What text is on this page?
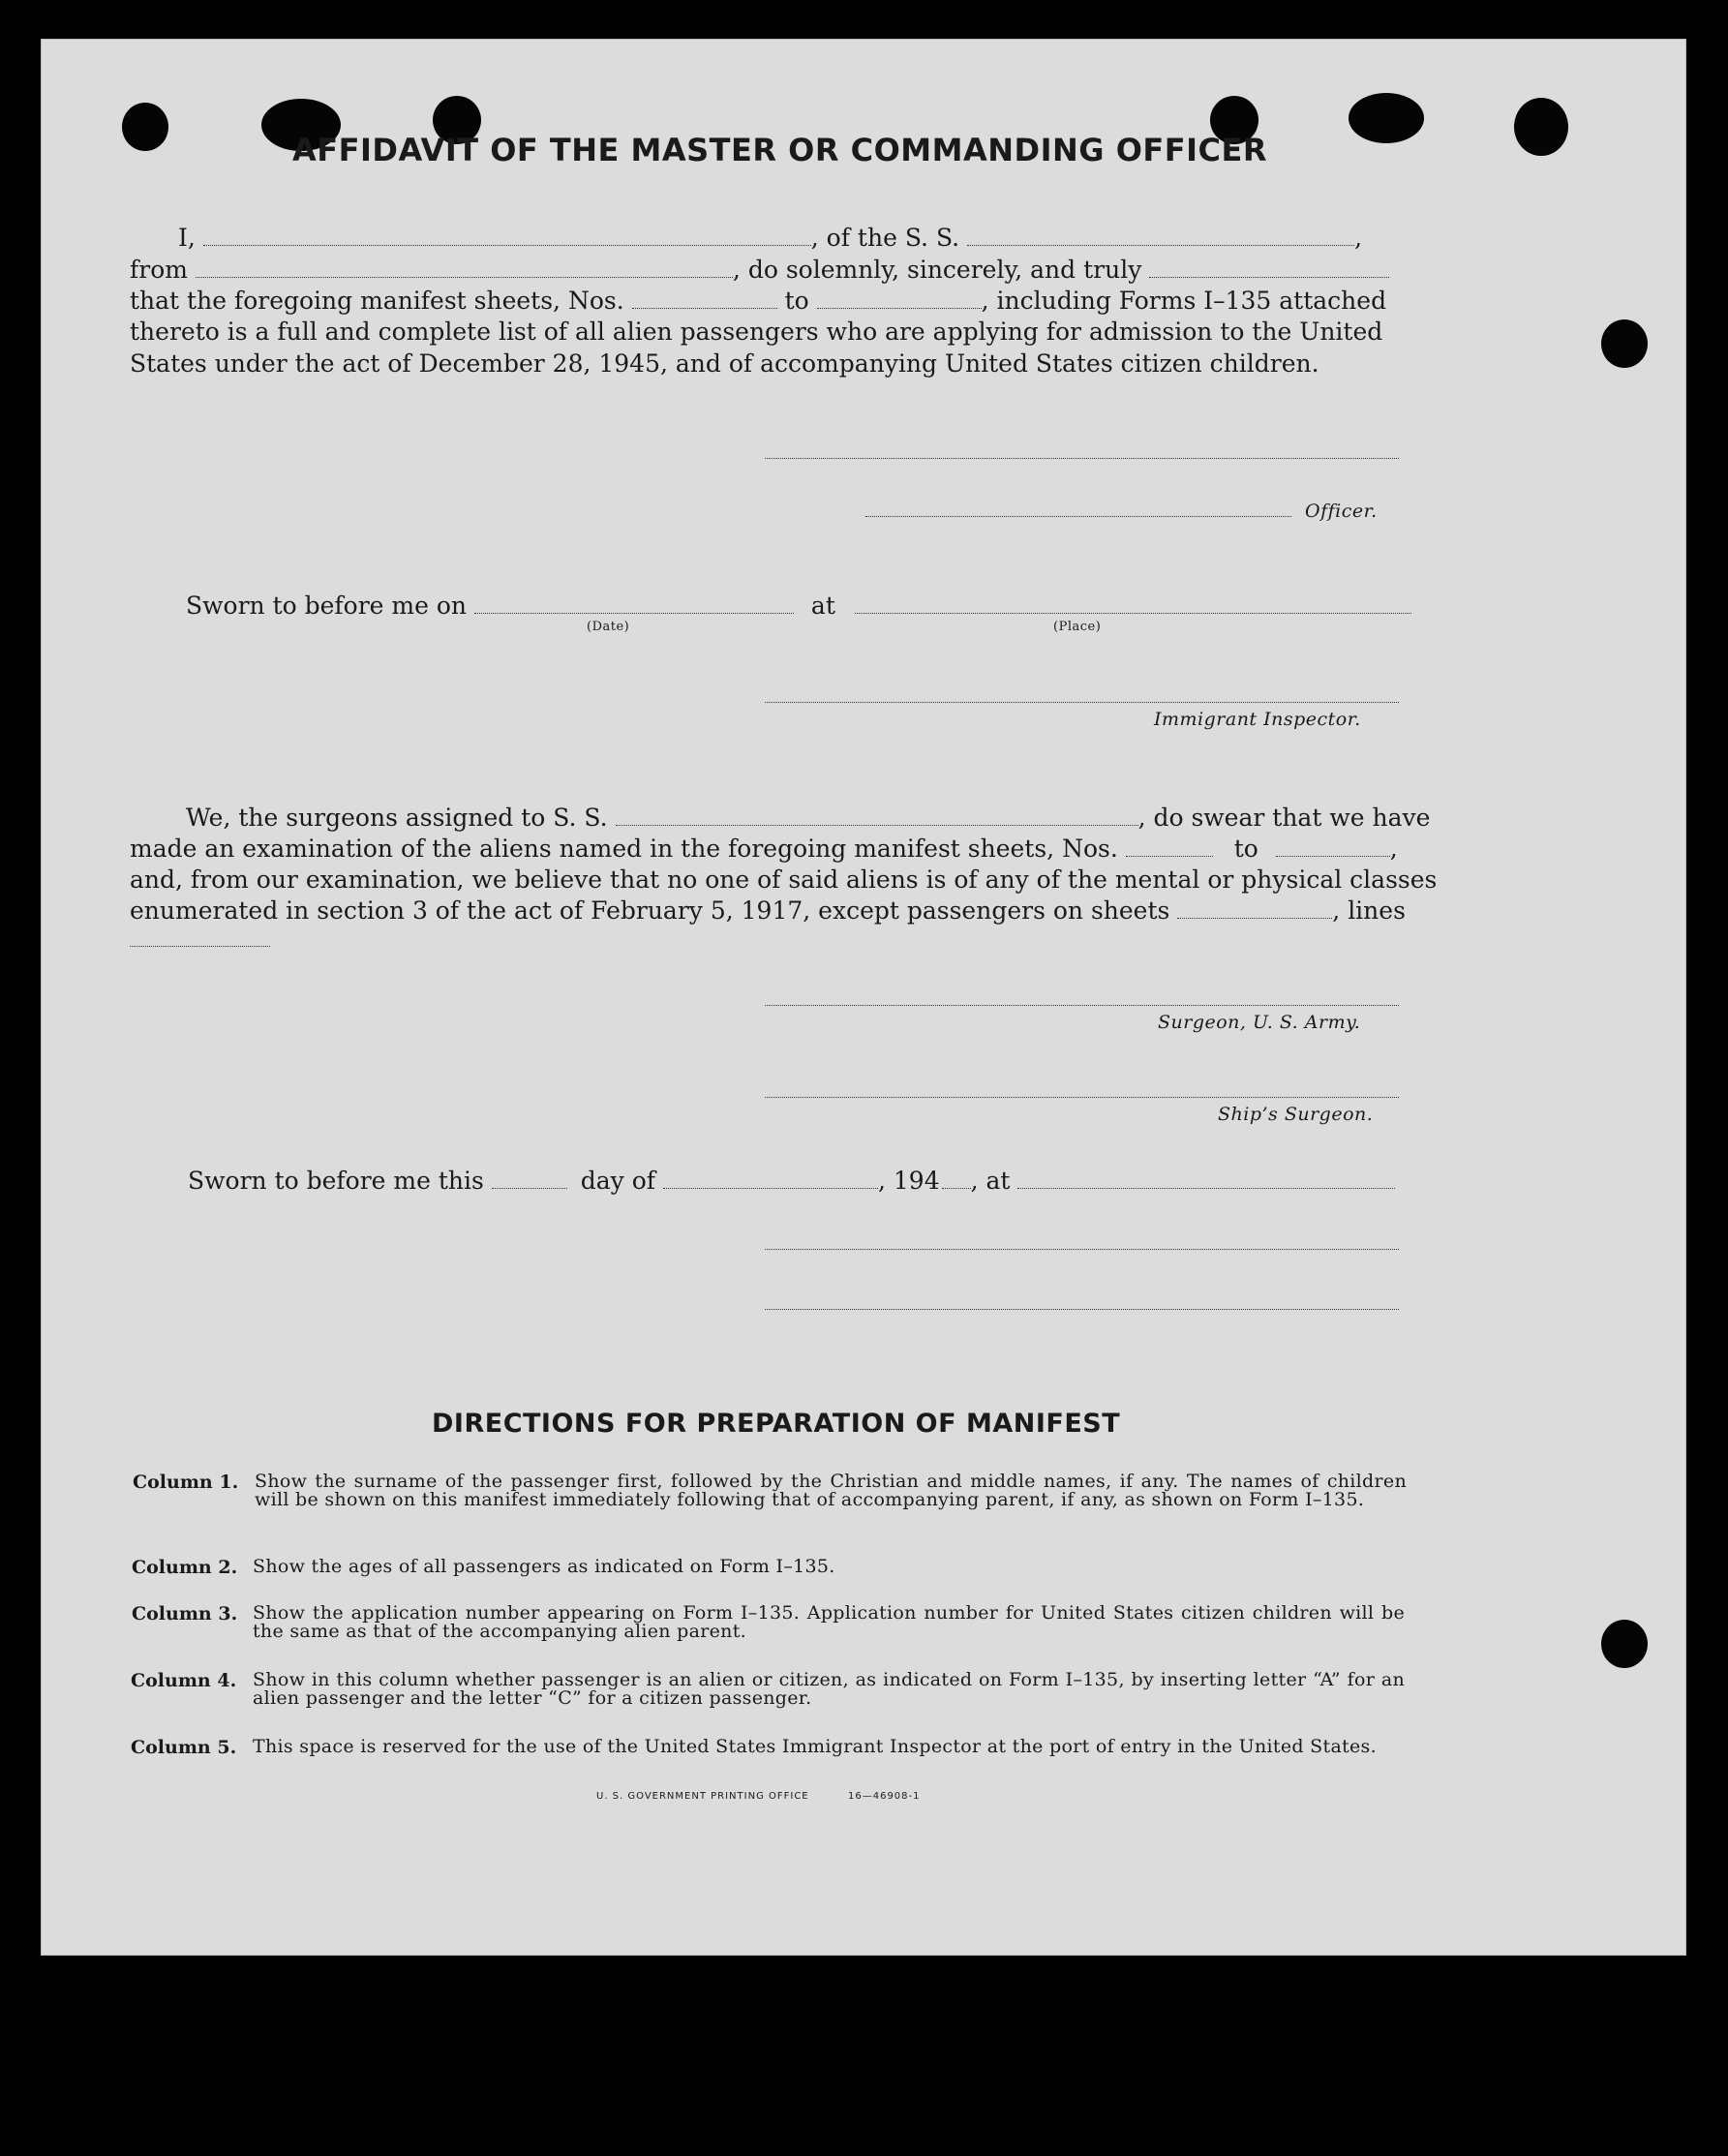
AFFIDAVIT OF THE MASTER OR COMMANDING OFFICER
I,	, of the S. S.	,
from	, do solemnly, sincerely, and truly
that the foregoing manifest sheets, Nos.	to	, including Forms I–135 attached
thereto is a full and complete list of all alien passengers who are applying for admission to the United
States under the act of December 28, 1945, and of accompanying United States citizen children.
Officer.
Sworn to before me on	at
(Date)	(Place)
Immigrant Inspector.
We, the surgeons assigned to S. S.	, do swear that we have
made an examination of the aliens named in the foregoing manifest sheets, Nos.	to	,
and, from our examination, we believe that no one of said aliens is of any of the mental or physical classes
enumerated in section 3 of the act of February 5, 1917, except passengers on sheets	, lines
Surgeon, U. S. Army.
Ship’s Surgeon.
Sworn to before me this	day of	, 194 , at
DIRECTIONS FOR PREPARATION OF MANIFEST
Column 1. Show the surname of the passenger first, followed by the Christian and middle names, if any. The names of children will be shown on this manifest immediately following that of accompanying parent, if any, as shown on Form I–135.
Column 2. Show the ages of all passengers as indicated on Form I–135.
Column 3. Show the application number appearing on Form I–135. Application number for United States citizen children will be the same as that of the accompanying alien parent.
Column 4. Show in this column whether passenger is an alien or citizen, as indicated on Form I–135, by inserting letter “A” for an alien passenger and the letter “C” for a citizen passenger.
Column 5. This space is reserved for the use of the United States Immigrant Inspector at the port of entry in the United States.
U. S. GOVERNMENT PRINTING OFFICE	16—46908-1
